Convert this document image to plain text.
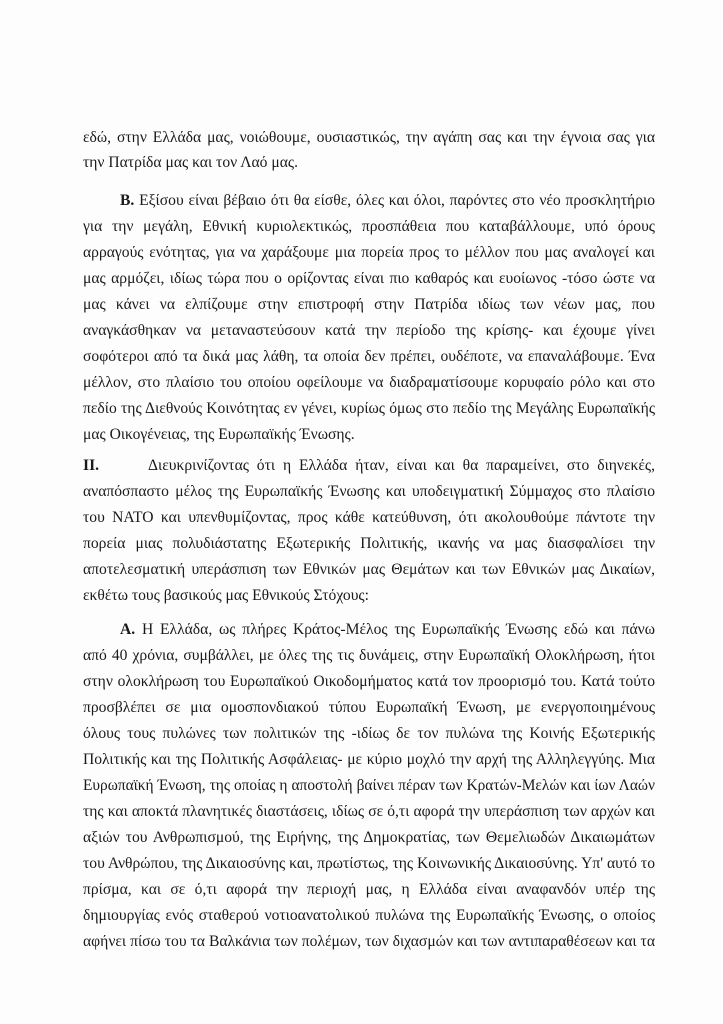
εδώ, στην Ελλάδα μας, νοιώθουμε, ουσιαστικώς, την αγάπη σας και την έγνοια σας για
την Πατρίδα μας και τον Λαό μας.
Β. Εξίσου είναι βέβαιο ότι θα είσθε, όλες και όλοι, παρόντες στο νέο προσκλητήριο
για την μεγάλη, Εθνική κυριολεκτικώς, προσπάθεια που καταβάλλουμε, υπό όρους
αρραγούς ενότητας, για να χαράξουμε μια πορεία προς το μέλλον που μας αναλογεί και
μας αρμόζει, ιδίως τώρα που ο ορίζοντας είναι πιο καθαρός και ευοίωνος -τόσο ώστε να
μας κάνει να ελπίζουμε στην επιστροφή στην Πατρίδα ιδίως των νέων μας, που
αναγκάσθηκαν να μεταναστεύσουν κατά την περίοδο της κρίσης- και έχουμε γίνει
σοφότεροι από τα δικά μας λάθη, τα οποία δεν πρέπει, ουδέποτε, να επαναλάβουμε. Ένα
μέλλον, στο πλαίσιο του οποίου οφείλουμε να διαδραματίσουμε κορυφαίο ρόλο και στο
πεδίο της Διεθνούς Κοινότητας εν γένει, κυρίως όμως στο πεδίο της Μεγάλης Ευρωπαϊκής
μας Οικογένειας, της Ευρωπαϊκής Ένωσης.
II.	Διευκρινίζοντας ότι η Ελλάδα ήταν, είναι και θα παραμείνει, στο διηνεκές,
αναπόσπαστο μέλος της Ευρωπαϊκής Ένωσης και υποδειγματική Σύμμαχος στο πλαίσιο
του ΝΑΤΟ και υπενθυμίζοντας, προς κάθε κατεύθυνση, ότι ακολουθούμε πάντοτε την
πορεία μιας πολυδιάστατης Εξωτερικής Πολιτικής, ικανής να μας διασφαλίσει την
αποτελεσματική υπεράσπιση των Εθνικών μας Θεμάτων και των Εθνικών μας Δικαίων,
εκθέτω τους βασικούς μας Εθνικούς Στόχους:
Α. Η Ελλάδα, ως πλήρες Κράτος-Μέλος της Ευρωπαϊκής Ένωσης εδώ και πάνω
από 40 χρόνια, συμβάλλει, με όλες της τις δυνάμεις, στην Ευρωπαϊκή Ολοκλήρωση, ήτοι
στην ολοκλήρωση του Ευρωπαϊκού Οικοδομήματος κατά τον προορισμό του. Κατά τούτο
προσβλέπει σε μια ομοσπονδιακού τύπου Ευρωπαϊκή Ένωση, με ενεργοποιημένους
όλους τους πυλώνες των πολιτικών της -ιδίως δε τον πυλώνα της Κοινής Εξωτερικής
Πολιτικής και της Πολιτικής Ασφάλειας- με κύριο μοχλό την αρχή της Αλληλεγγύης. Μια
Ευρωπαϊκή Ένωση, της οποίας η αποστολή βαίνει πέραν των Κρατών-Μελών και ίων Λαών
της και αποκτά πλανητικές διαστάσεις, ιδίως σε ό,τι αφορά την υπεράσπιση των αρχών και
αξιών του Ανθρωπισμού, της Ειρήνης, της Δημοκρατίας, των Θεμελιωδών Δικαιωμάτων
του Ανθρώπου, της Δικαιοσύνης και, πρωτίστως, της Κοινωνικής Δικαιοσύνης. Υπ' αυτό το
πρίσμα, και σε ό,τι αφορά την περιοχή μας, η Ελλάδα είναι αναφανδόν υπέρ της
δημιουργίας ενός σταθερού νοτιοανατολικού πυλώνα της Ευρωπαϊκής Ένωσης, ο οποίος
αφήνει πίσω του τα Βαλκάνια των πολέμων, των διχασμών και των αντιπαραθέσεων και τα
